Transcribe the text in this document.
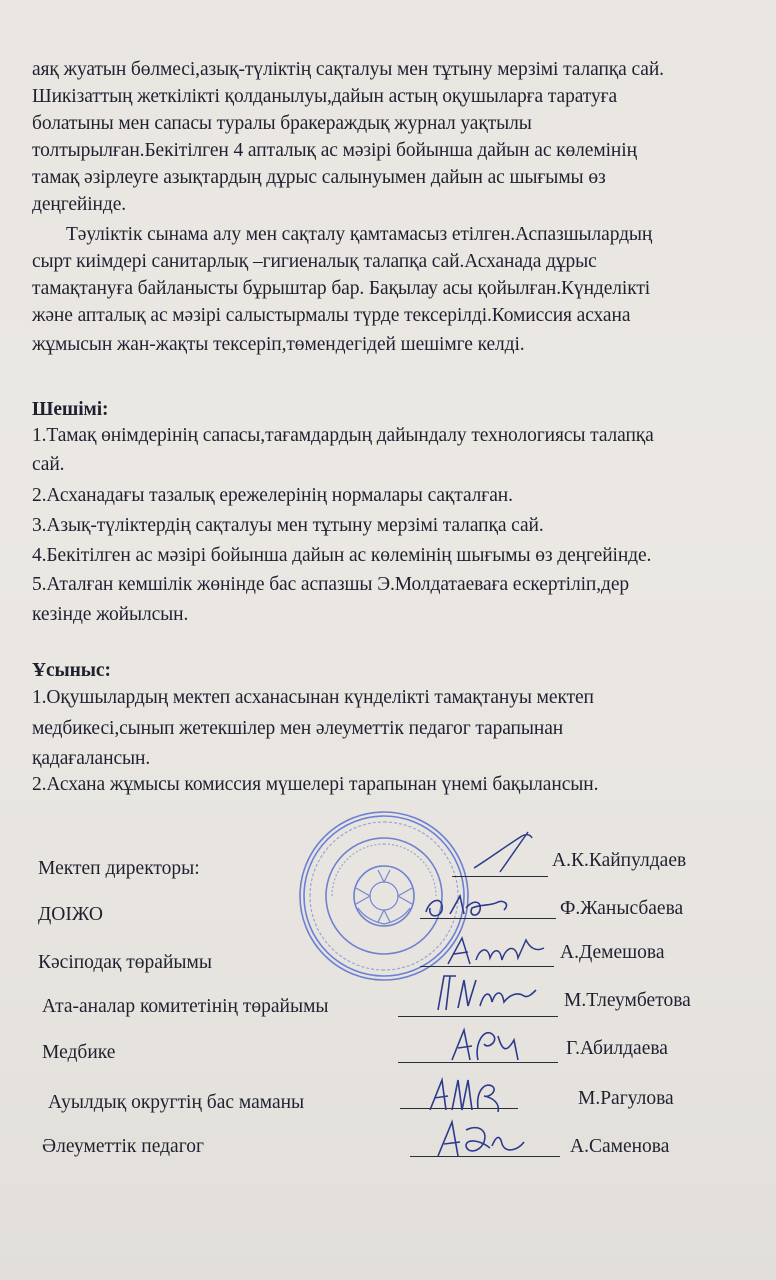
аяқ жуатын бөлмесі,азық-түліктің сақталуы мен тұтыну мерзімі талапқа сай.
Шикізаттың жеткілікті қолданылуы,дайын астың оқушыларға таратуға
болатыны мен сапасы туралы бракераждық журнал уақтылы
толтырылған.Бекітілген 4 апталық ас мәзірі бойынша дайын ас көлемінің
тамақ әзірлеуге азықтардың дұрыс салынуымен дайын ас шығымы өз
деңгейінде.
Тәуліктік сынама алу мен сақталу қамтамасыз етілген.Аспазшылардың
сырт киімдері санитарлық –гигиеналық талапқа сай.Асханада дұрыс
тамақтануға байланысты бұрыштар бар. Бақылау асы қойылған.Күнделікті
және апталық ас мәзірі салыстырмалы түрде тексерілді.Комиссия асхана
жұмысын жан-жақты тексеріп,төмендегідей шешімге келді.
Шешімі:
1.Тамақ өнімдерінің сапасы,тағамдардың дайындалу технологиясы талапқа
сай.
2.Асханадағы тазалық ережелерінің нормалары сақталған.
3.Азық-түліктердің сақталуы мен тұтыну мерзімі талапқа сай.
4.Бекітілген ас мәзірі бойынша дайын ас көлемінің шығымы өз деңгейінде.
5.Аталған кемшілік жөнінде бас аспазшы Э.Молдатаеваға ескертіліп,дер
кезінде жойылсын.
Ұсыныс:
1.Оқушылардың мектеп асханасынан күнделікті тамақтануы мектеп
медбикесі,сынып жетекшілер мен әлеуметтік педагог тарапынан
қадағалансын.
2.Асхана жұмысы комиссия мүшелері тарапынан үнемі бақылансын.
Мектеп директоры:	А.К.Кайпулдаев
ДОІЖО	Ф.Жанысбаева
Кәсіподақ төрайымы	А.Демешова
Ата-аналар комитетінің төрайымы	М.Тлеумбетова
Медбике	Г.Абилдаева
Ауылдық округтің бас маманы	М.Рагулова
Әлеуметтік педагог	А.Саменова
